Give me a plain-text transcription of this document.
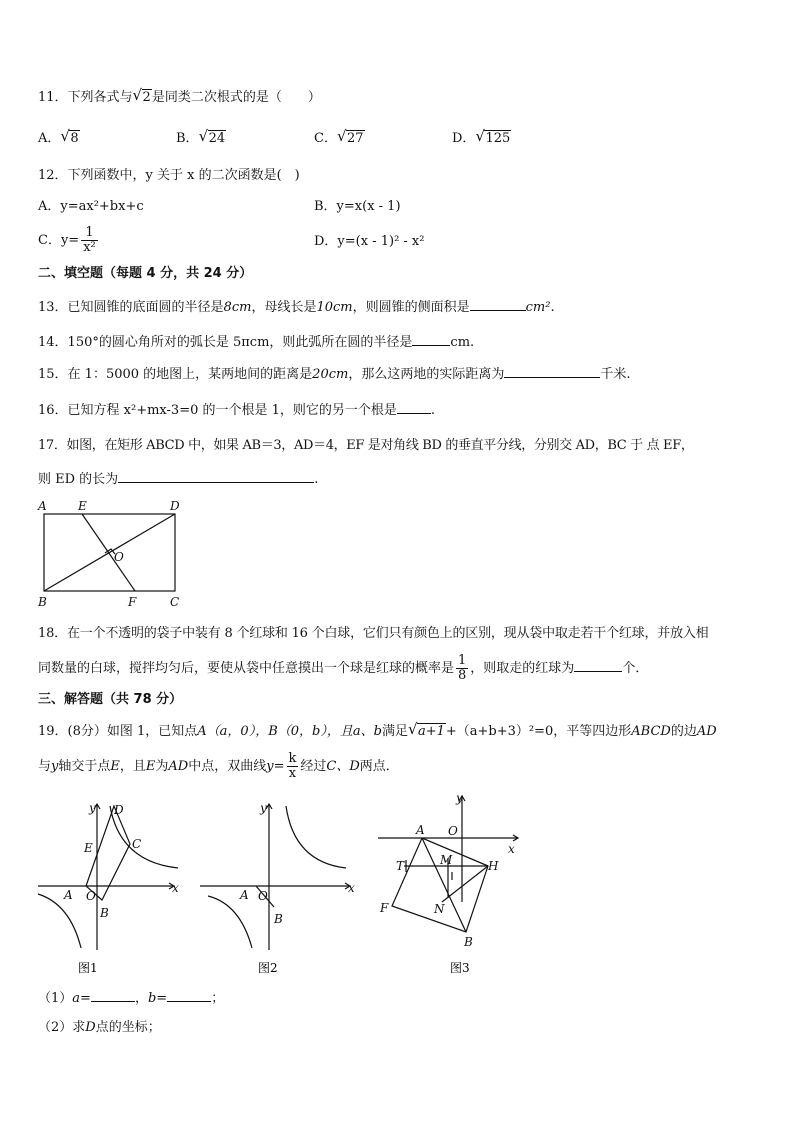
11．下列各式与 √ 2是同类二次根式的是（　　）
A． √ 8	B． √ 24	C． √ 27	D． √ 125
12．下列函数中，y 关于 x 的二次函数是(　)
A．y=ax²+bx+c	B．y=x(x - 1)
C．$y= \frac{1}{\text{x²}}$	D．y=(x - 1)² - x²
二、填空题（每题 4 分，共 24 分）
13．已知圆锥的底面圆的半径是8cm，母线长是10cm，则圆锥的侧面积是	cm².
14．150°的圆心角所对的弧长是 5πcm，则此弧所在圆的半径是	cm.
15．在 1：5000 的地图上，某两地间的距离是20cm，那么这两地的实际距离为	千米.
16．已知方程 x²+mx-3=0 的一个根是 1，则它的另一个根是	.
17．如图，在矩形 ABCD 中，如果 AB＝3，AD＝4，EF 是对角线 BD 的垂直平分线，分别交 AD，BC 于 点 EF，
则 ED 的长为	.
A	E	D
O
B	F	C
18．在一个不透明的袋子中装有 8 个红球和 16 个白球，它们只有颜色上的区别，现从袋中取走若干个红球，并放入相
同数量的白球，搅拌均匀后，要使从袋中任意摸出一个球是红球的概率是 $\frac{1}{8}$ ，则取走的红球为	个．
三、解答题（共 78 分）
19．(8分）如图 1，已知点A（a，0），B（0，b），且a、b满足 √ a+1+（a+b+3）²=0，平等四边形ABCD的边AD
与y轴交于点E，且E为AD中点，双曲线$y= \frac{k}{x}$ 经过C、D两点．
y
x
D
C
E
A O
B
图1
y
x
A O
B
图2
y
x
A O
M
T	H
N
F
B
图3
（1）a=	，b=	；
（2）求D点的坐标；
